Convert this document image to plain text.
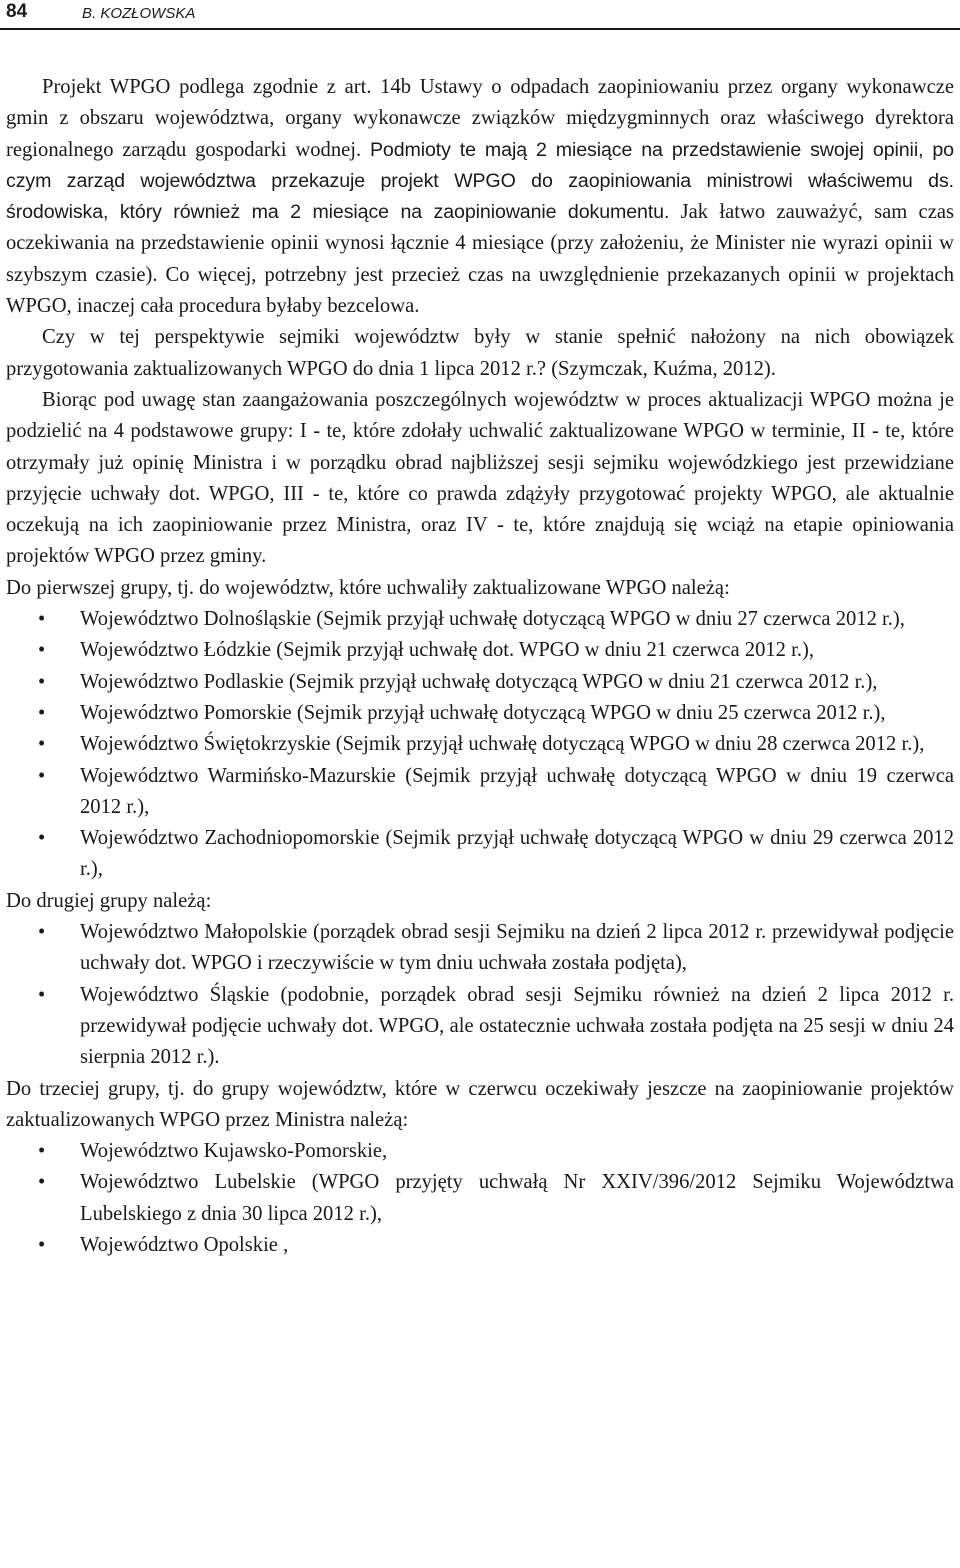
84	B. KOZŁOWSKA

Projekt WPGO podlega zgodnie z art. 14b Ustawy o odpadach zaopiniowaniu przez organy wykonawcze gmin z obszaru województwa, organy wykonawcze związków międzygminnych oraz właściwego dyrektora regionalnego zarządu gospodarki wodnej. Podmioty te mają 2 miesiące na przedstawienie swojej opinii, po czym zarząd województwa przekazuje projekt WPGO do zaopiniowania ministrowi właściwemu ds. środowiska, który również ma 2 miesiące na zaopiniowanie dokumentu. Jak łatwo zauważyć, sam czas oczekiwania na przedstawienie opinii wynosi łącznie 4 miesiące (przy założeniu, że Minister nie wyrazi opinii w szybszym czasie). Co więcej, potrzebny jest przecież czas na uwzględnienie przekazanych opinii w projektach WPGO, inaczej cała procedura byłaby bezcelowa.

Czy w tej perspektywie sejmiki województw były w stanie spełnić nałożony na nich obowiązek przygotowania zaktualizowanych WPGO do dnia 1 lipca 2012 r.? (Szymczak, Kuźma, 2012).

Biorąc pod uwagę stan zaangażowania poszczególnych województw w proces aktualizacji WPGO można je podzielić na 4 podstawowe grupy: I - te, które zdołały uchwalić zaktualizowane WPGO w terminie, II - te, które otrzymały już opinię Ministra i w porządku obrad najbliższej sesji sejmiku wojewódzkiego jest przewidziane przyjęcie uchwały dot. WPGO, III - te, które co prawda zdążyły przygotować projekty WPGO, ale aktualnie oczekują na ich zaopiniowanie przez Ministra, oraz IV - te, które znajdują się wciąż na etapie opiniowania projektów WPGO przez gminy.

Do pierwszej grupy, tj. do województw, które uchwaliły zaktualizowane WPGO należą:

• Województwo Dolnośląskie (Sejmik przyjął uchwałę dotyczącą WPGO w dniu 27 czerwca 2012 r.),
• Województwo Łódzkie (Sejmik przyjął uchwałę dot. WPGO w dniu 21 czerwca 2012 r.),
• Województwo Podlaskie (Sejmik przyjął uchwałę dotyczącą WPGO w dniu 21 czerwca 2012 r.),
• Województwo Pomorskie (Sejmik przyjął uchwałę dotyczącą WPGO w dniu 25 czerwca 2012 r.),
• Województwo Świętokrzyskie (Sejmik przyjął uchwałę dotyczącą WPGO w dniu 28 czerwca 2012 r.),
• Województwo Warmińsko-Mazurskie (Sejmik przyjął uchwałę dotyczącą WPGO w dniu 19 czerwca 2012 r.),
• Województwo Zachodniopomorskie (Sejmik przyjął uchwałę dotyczącą WPGO w dniu 29 czerwca 2012 r.),

Do drugiej grupy należą:

• Województwo Małopolskie (porządek obrad sesji Sejmiku na dzień 2 lipca 2012 r. przewidywał podjęcie uchwały dot. WPGO i rzeczywiście w tym dniu uchwała została podjęta),
• Województwo Śląskie (podobnie, porządek obrad sesji Sejmiku również na dzień 2 lipca 2012 r. przewidywał podjęcie uchwały dot. WPGO, ale ostatecznie uchwała została podjęta na 25 sesji w dniu 24 sierpnia 2012 r.).

Do trzeciej grupy, tj. do grupy województw, które w czerwcu oczekiwały jeszcze na zaopiniowanie projektów zaktualizowanych WPGO przez Ministra należą:

• Województwo Kujawsko-Pomorskie,
• Województwo Lubelskie (WPGO przyjęty uchwałą Nr XXIV/396/2012 Sejmiku Województwa Lubelskiego z dnia 30 lipca 2012 r.),
• Województwo Opolskie ,
